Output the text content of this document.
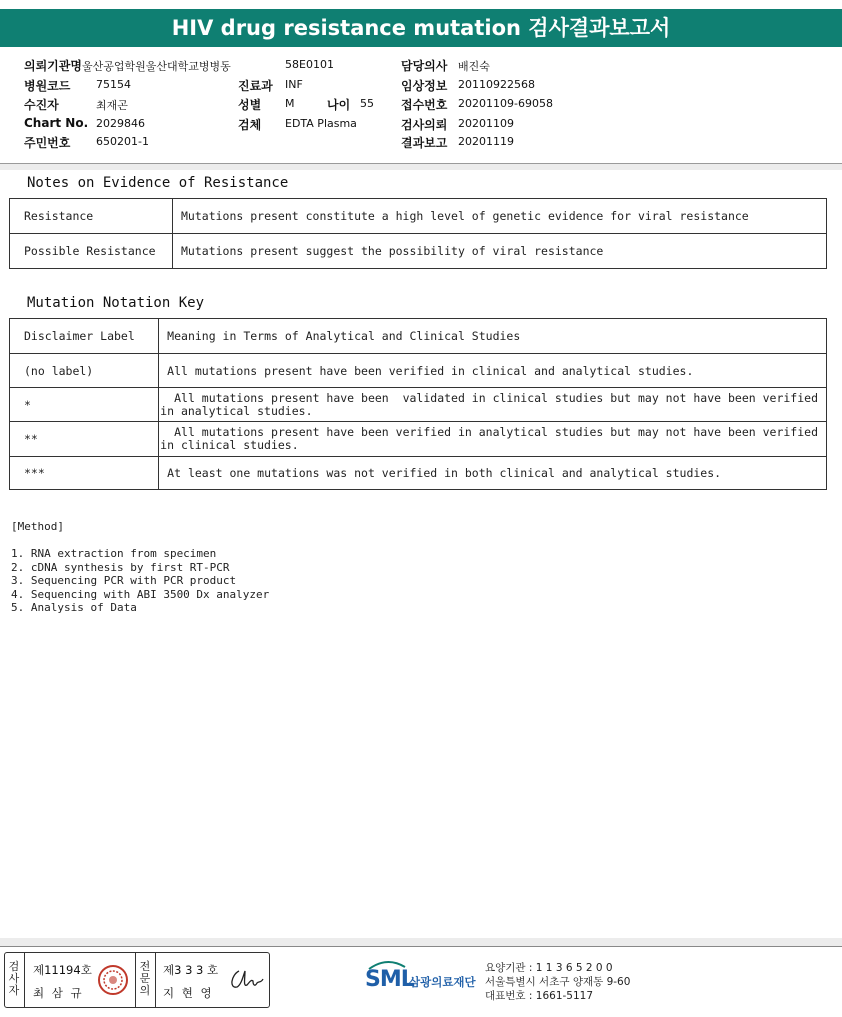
HIV drug resistance mutation 검사결과보고서
의뢰기관명 울산공업학원울산대학교병병동	58E0101
병원코드 75154
수진자	최재곤
Chart No. 2029846
주민번호 650201-1
진료과 INF
성별 M	나이 55
검체 EDTA Plasma
담당의사 배진숙
임상정보 20110922568
접수번호 20201109-69058
검사의뢰 20201109
결과보고 20201119
Notes on Evidence of Resistance
Resistance	Mutations present constitute a high level of genetic evidence for viral resistance
Possible Resistance	Mutations present suggest the possibility of viral resistance
Mutation Notation Key
Disclaimer Label	Meaning in Terms of Analytical and Clinical Studies
(no label)	All mutations present have been verified in clinical and analytical studies.
*	All mutations present have been  validated in clinical studies but may not have been verified
in analytical studies.

**	All mutations present have been verified in analytical studies but may not have been verified
in clinical studies.

***	At least one mutations was not verified in both clinical and analytical studies.
[Method]
1. RNA extraction from specimen
2. cDNA synthesis by first RT-PCR
3. Sequencing PCR with PCR product
4. Sequencing with ABI 3500 Dx analyzer
5. Analysis of Data
검
사
자
제11194호
최 삼 규
전
문
의
제3 3 3 호
지 현 영
SML
삼광의료재단
요양기관 : 1 1 3 6 5 2 0 0
서울특별시 서초구 양재동 9-60
대표번호 : 1661-5117
